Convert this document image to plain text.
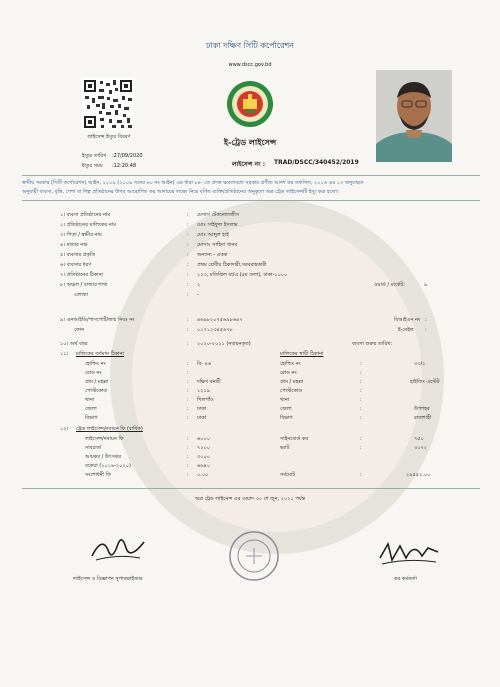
ঢাকা দক্ষিণ সিটি কর্পোরেশন
www.dscc.gov.bd
লাইসেন্স ইস্যুর বিবরণ
ই-ট্রেড লাইসেন্স
ইস্যুর তারিখ :27/09/2020
ইস্যুর সময় :12:20:48	লাইসেন্স নং : TRAD/DSCC/340452/2019
স্থানীয় সরকার (সিটি কর্পোরেশন) আইন, ২০০৯ (২০০৯ সনের ৬০ নং আইন) এর ধারা ৮৪- তে প্রদত্ত ক্ষমতাবলে সরকার প্রণীত আদর্শ কর তফসিল, ২০১৬ এর ১৩ অনুচ্ছেদে
অনুযায়ী ব্যবসা, বৃত্তি, পেশা বা শিল্প প্রতিষ্ঠানের উপর আরোপিত কর আদায়ের লক্ষ্যে নিম্নে বর্ণিত ব্যক্তি/প্রতিষ্ঠানের অনুকূলে অত্র ট্রেড লাইসেন্সটি ইস্যু করা হলো।
১। ব্যবসা প্রতিষ্ঠানের নাম	: মেসার্স টেকনোলজীস
২। প্রতিষ্ঠানের মালিকের নাম	: মোঃ সাইফুল ইসলাম
৩। পিতা / স্বামীর নাম	: মোঃ আব্দুল হাই
৪। মাতার নাম	: মোসাঃ সাহিদা খানম
৫। ব্যবসার প্রকৃতি	: অন্যান্য - একক
৬। ব্যবসার ধরণ	: প্রথম শ্রেণীর ঠিকাদারী,সরবরাহকারী
৭। প্রতিষ্ঠানের ঠিকানা	: ১২৩, মতিঝিল বা/এ (৫ম তলা), ঢাকা-১০০০
৮। অঞ্চল / বাজার শাখা	: ২	ওয়ার্ড / মার্কেট:	৯
এলাকা	: -
৯। এনআইডি/পাসপোর্ট/জন্ম নিবঃ নং	: ৪৬৯৮২০৭৫৬৯৮৬৪৭	বিআইএন নং :
ফোন	: ০১৭১২৩৪৫৬৭৮	ই-মেইল :
১০। অর্থ বছর	: ২০২০-২০২১ (নবায়নকৃত)	ব্যবসা শুরুর তারিখ:
১১। মালিকের বর্তমান ঠিকানা	মালিকের স্থায়ী ঠিকানা
হোল্ডিং নং	: বি- ৪৬	হোল্ডিং নং	:	৩৩/২
রোড নং	:	রোড নং	:
গ্রাম / মহল্লা	: দক্ষিণ বনশ্রী	গ্রাম / মহল্লা	:	হাইজিং এস্টেট
পোস্টকোড	: ১২১৯	পোস্টকোড	:
থানা	: খিলগাঁও	থানা	:
জেলা	: ঢাকা	জেলা	:	উপশহর
বিভাগ	: ঢাকা	বিভাগ	:	রাজশাহী
১২। ট্রেড লাইসেন্স/নবায়ন ফি (বার্ষিক)
লাইসেন্স/নবায়ন ফি	: ৬০০০	সাইনবোর্ড কর	:	৭৫০
সারচার্জ	: ৭২০০	ভ্যাট	:	৩০৭২
আয়কর / উৎসকর	: ৩০০০
বকেয়া (২০১৯-২০২০)	: ৬৬৪০
সংশোধনী ফি	: ০.০০	সর্বমোট	:	২৯৫৫২.০০
অত্র ট্রেড লাইসেন্স এর মেয়াদ ৩০ শে জুন, ২০২১ পর্যন্ত
লাইসেন্স ও বিজ্ঞাপন সুপারভাইজার	কর কর্মকর্তা
